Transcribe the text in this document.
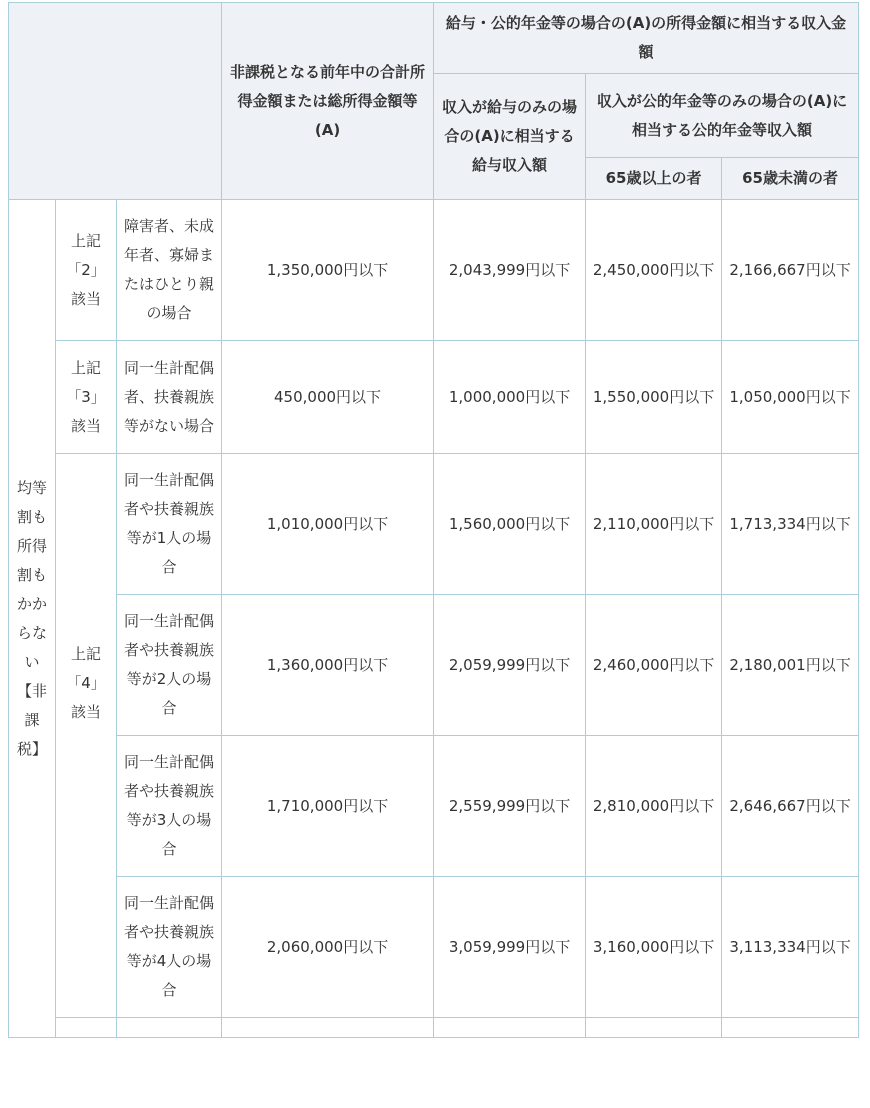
			非課税となる前年中の合計所得金額または総所得金額等(A)	給与・公的年金等の場合の(A)の所得金額に相当する収入金額		
				収入が給与のみの場合の(A)に相当する給与収入額	収入が公的年金等のみの場合の(A)に相当する公的年金等収入額	
					65歳以上の者	65歳未満の者
均等割も所得割もかからない【非課税】	上記「2」該当	障害者、未成年者、寡婦またはひとり親の場合	1,350,000円以下	2,043,999円以下	2,450,000円以下	2,166,667円以下
	上記「3」該当	同一生計配偶者、扶養親族等がない場合	450,000円以下	1,000,000円以下	1,550,000円以下	1,050,000円以下
	上記「4」該当	同一生計配偶者や扶養親族等が1人の場合	1,010,000円以下	1,560,000円以下	2,110,000円以下	1,713,334円以下
		同一生計配偶者や扶養親族等が2人の場合	1,360,000円以下	2,059,999円以下	2,460,000円以下	2,180,001円以下
		同一生計配偶者や扶養親族等が3人の場合	1,710,000円以下	2,559,999円以下	2,810,000円以下	2,646,667円以下
		同一生計配偶者や扶養親族等が4人の場合	2,060,000円以下	3,059,999円以下	3,160,000円以下	3,113,334円以下
